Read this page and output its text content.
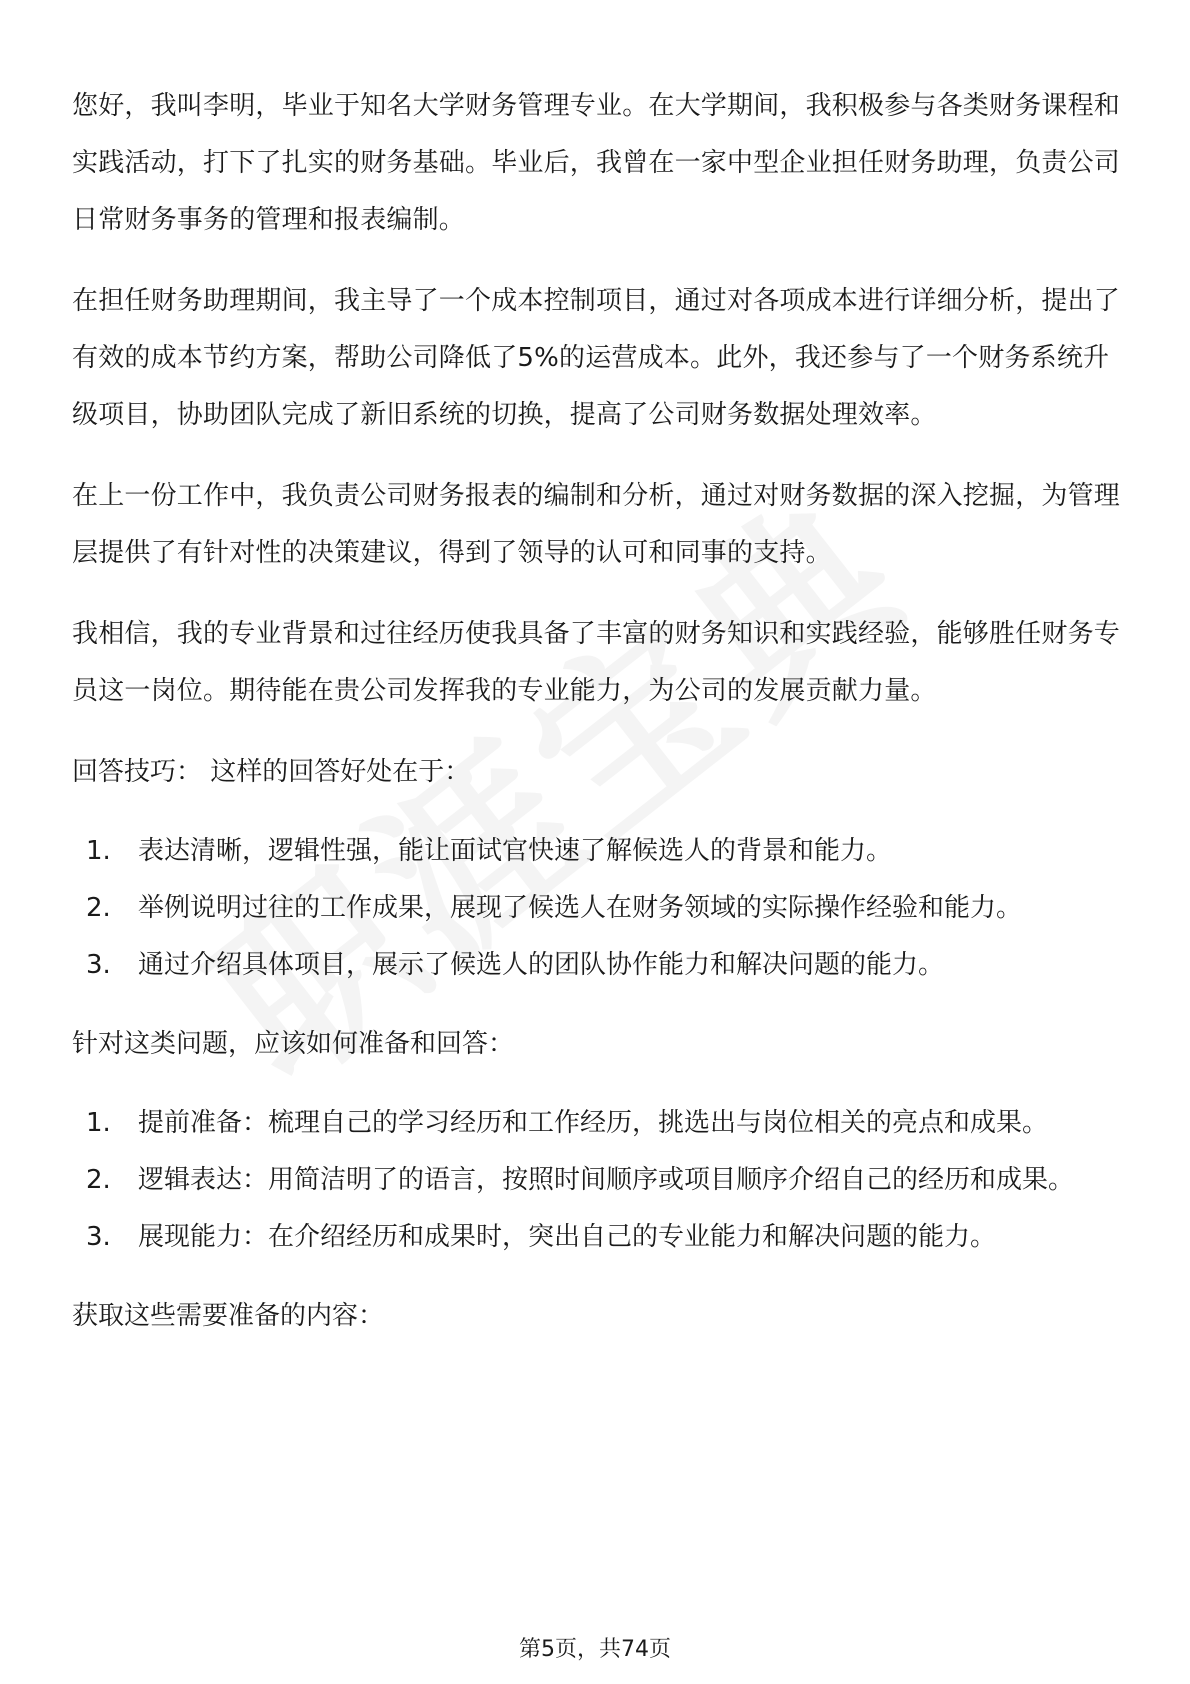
您好，我叫李明，毕业于知名大学财务管理专业。在大学期间，我积极参与各类财务课程和实践活动，打下了扎实的财务基础。毕业后，我曾在一家中型企业担任财务助理，负责公司日常财务事务的管理和报表编制。

在担任财务助理期间，我主导了一个成本控制项目，通过对各项成本进行详细分析，提出了有效的成本节约方案，帮助公司降低了5%的运营成本。此外，我还参与了一个财务系统升级项目，协助团队完成了新旧系统的切换，提高了公司财务数据处理效率。

在上一份工作中，我负责公司财务报表的编制和分析，通过对财务数据的深入挖掘，为管理层提供了有针对性的决策建议，得到了领导的认可和同事的支持。

我相信，我的专业背景和过往经历使我具备了丰富的财务知识和实践经验，能够胜任财务专员这一岗位。期待能在贵公司发挥我的专业能力，为公司的发展贡献力量。

回答技巧： 这样的回答好处在于：

1.	表达清晰，逻辑性强，能让面试官快速了解候选人的背景和能力。
2.	举例说明过往的工作成果，展现了候选人在财务领域的实际操作经验和能力。
3.	通过介绍具体项目，展示了候选人的团队协作能力和解决问题的能力。

针对这类问题，应该如何准备和回答：

1.	提前准备：梳理自己的学习经历和工作经历，挑选出与岗位相关的亮点和成果。
2.	逻辑表达：用简洁明了的语言，按照时间顺序或项目顺序介绍自己的经历和成果。
3.	展现能力：在介绍经历和成果时，突出自己的专业能力和解决问题的能力。

获取这些需要准备的内容：

第5页，共74页
